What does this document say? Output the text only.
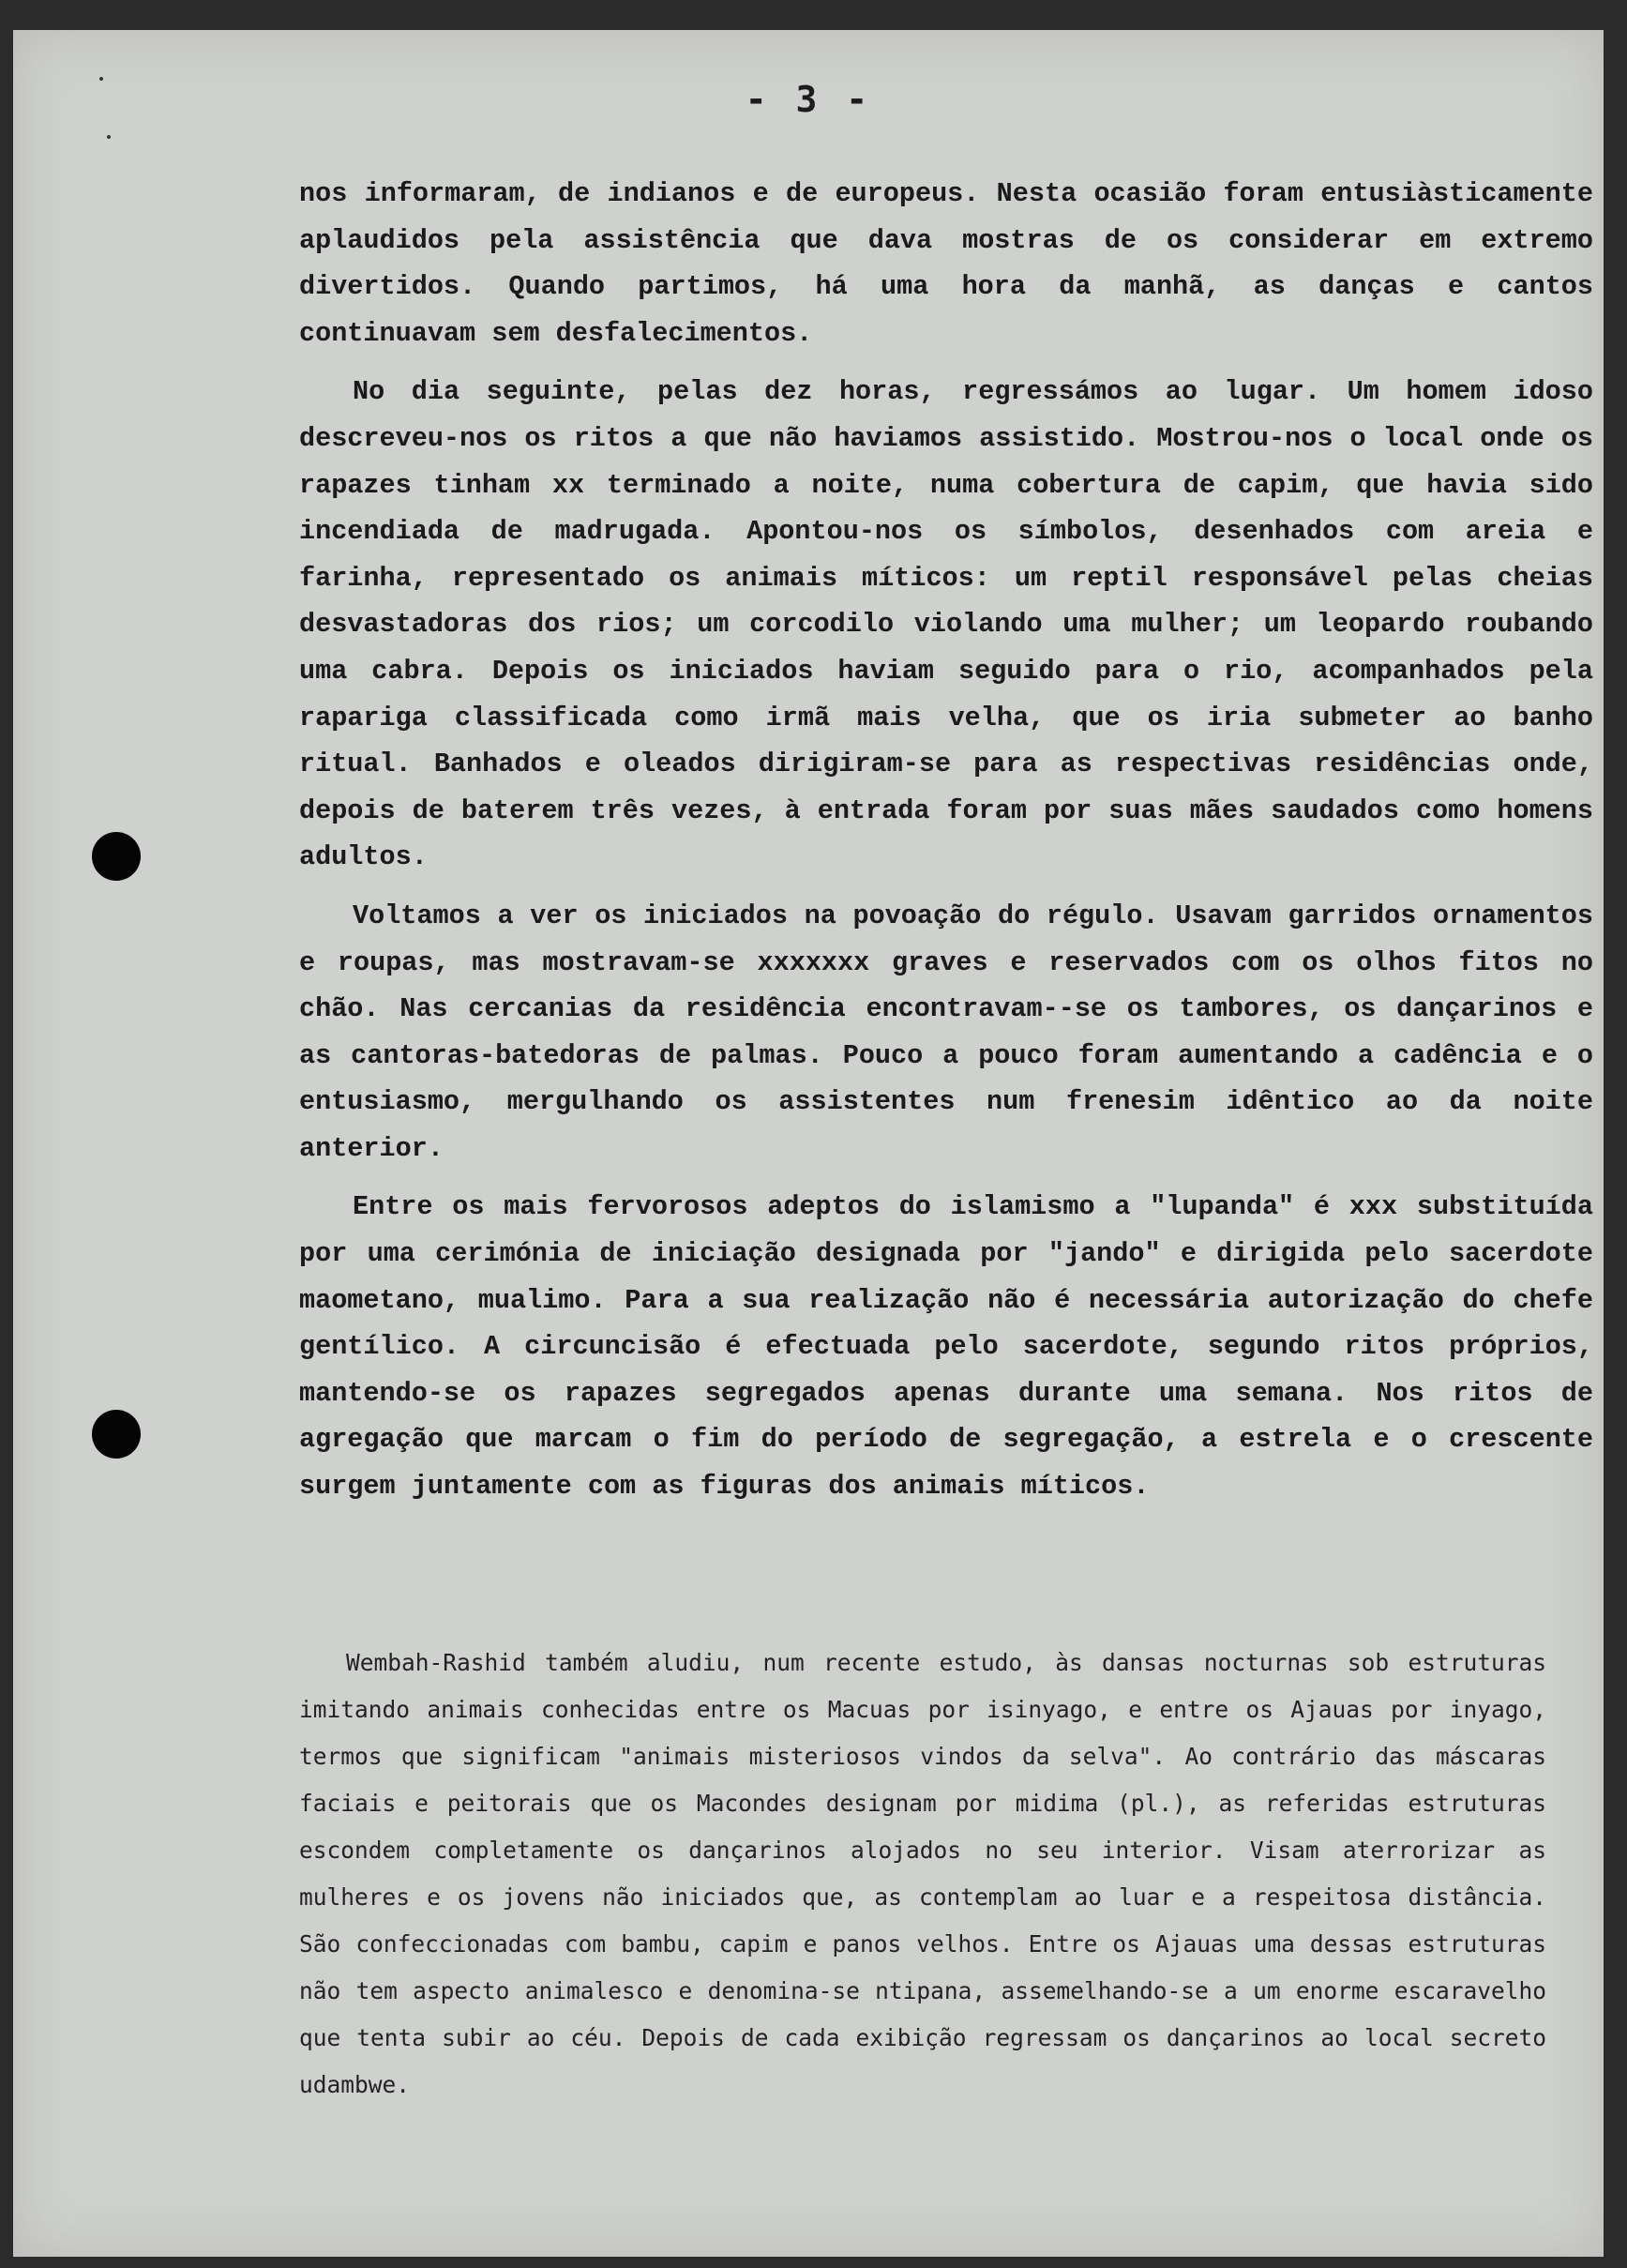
- 3 -

nos informaram, de indianos e de europeus. Nesta ocasião foram entusiàsticamente aplaudidos pela assistência que dava mostras de os considerar em extremo divertidos. Quando partimos, há uma hora da manhã, as danças e cantos continuavam sem desfalecimentos.

No dia seguinte, pelas dez horas, regressámos ao lugar. Um homem idoso descreveu-nos os ritos a que não haviamos assistido. Mostrou-nos o local onde os rapazes tinham xx terminado a noite, numa cobertura de capim, que havia sido incendiada de madrugada. Apontou-nos os símbolos, desenhados com areia e farinha, representado os animais míticos: um reptil responsável pelas cheias desvastadoras dos rios; um corcodilo violando uma mulher; um leopardo roubando uma cabra. Depois os iniciados haviam seguido para o rio, acompanhados pela rapariga classificada como irmã mais velha, que os iria submeter ao banho ritual. Banhados e oleados dirigiram-se para as respectivas residências onde, depois de baterem três vezes, à entrada foram por suas mães saudados como homens adultos.

Voltamos a ver os iniciados na povoação do régulo. Usavam garridos ornamentos e roupas, mas mostravam-se xxxxxxx graves e reservados com os olhos fitos no chão. Nas cercanias da residência encontravam--se os tambores, os dançarinos e as cantoras-batedoras de palmas. Pouco a pouco foram aumentando a cadência e o entusiasmo, mergulhando os assistentes num frenesim idêntico ao da noite anterior.

Entre os mais fervorosos adeptos do islamismo a "lupanda" é xxx substituída por uma cerimónia de iniciação designada por "jando" e dirigida pelo sacerdote maometano, mualimo. Para a sua realização não é necessária autorização do chefe gentílico. A circuncisão é efectuada pelo sacerdote, segundo ritos próprios, mantendo-se os rapazes segregados apenas durante uma semana. Nos ritos de agregação que marcam o fim do período de segregação, a estrela e o crescente surgem juntamente com as figuras dos animais míticos.

Wembah-Rashid também aludiu, num recente estudo, às dansas nocturnas sob estruturas imitando animais conhecidas entre os Macuas por isinyago, e entre os Ajauas por inyago, termos que significam "animais misteriosos vindos da selva". Ao contrário das máscaras faciais e peitorais que os Macondes designam por midima (pl.), as referidas estruturas escondem completamente os dançarinos alojados no seu interior. Visam aterrorizar as mulheres e os jovens não iniciados que, as contemplam ao luar e a respeitosa distância. São confeccionadas com bambu, capim e panos velhos. Entre os Ajauas uma dessas estruturas não tem aspecto animalesco e denomina-se ntipana, assemelhando-se a um enorme escaravelho que tenta subir ao céu. Depois de cada exibição regressam os dançarinos ao local secreto udambwe.
